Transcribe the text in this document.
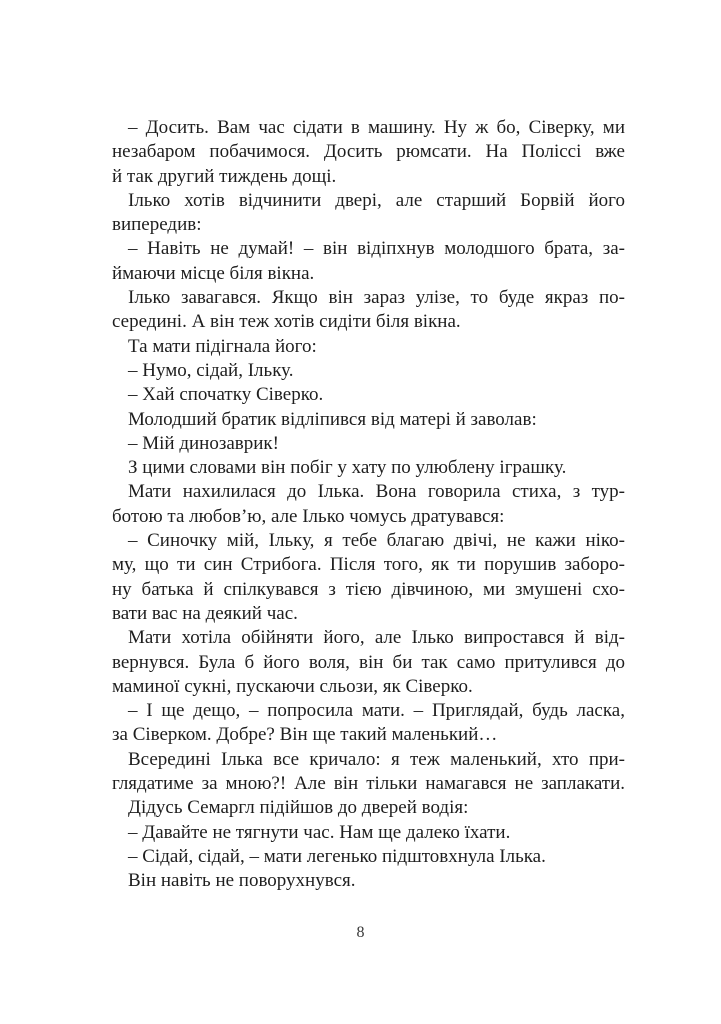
– Досить. Вам час сідати в машину. Ну ж бо, Сіверку, ми
незабаром побачимося. Досить рюмсати. На Поліссі вже
й так другий тиждень дощі.
Ілько хотів відчинити двері, але старший Борвій його
випередив:
– Навіть не думай! – він відіпхнув молодшого брата, за-
ймаючи місце біля вікна.
Ілько завагався. Якщо він зараз улізе, то буде якраз по-
середині. А він теж хотів сидіти біля вікна.
Та мати підігнала його:
– Нумо, сідай, Ільку.
– Хай спочатку Сіверко.
Молодший братик відліпився від матері й заволав:
– Мій динозаврик!
З цими словами він побіг у хату по улюблену іграшку.
Мати нахилилася до Ілька. Вона говорила стиха, з тур-
ботою та любов’ю, але Ілько чомусь дратувався:
– Синочку мій, Ільку, я тебе благаю двічі, не кажи ніко-
му, що ти син Стрибога. Після того, як ти порушив заборо-
ну батька й спілкувався з тією дівчиною, ми змушені схо-
вати вас на деякий час.
Мати хотіла обійняти його, але Ілько випростався й від-
вернувся. Була б його воля, він би так само притулився до
маминої сукні, пускаючи сльози, як Сіверко.
– І ще дещо, – попросила мати. – Приглядай, будь ласка,
за Сіверком. Добре? Він ще такий маленький…
Всередині Ілька все кричало: я теж маленький, хто при-
глядатиме за мною?! Але він тільки намагався не заплакати.
Дідусь Семаргл підійшов до дверей водія:
– Давайте не тягнути час. Нам ще далеко їхати.
– Сідай, сідай, – мати легенько підштовхнула Ілька.
Він навіть не поворухнувся.
8
